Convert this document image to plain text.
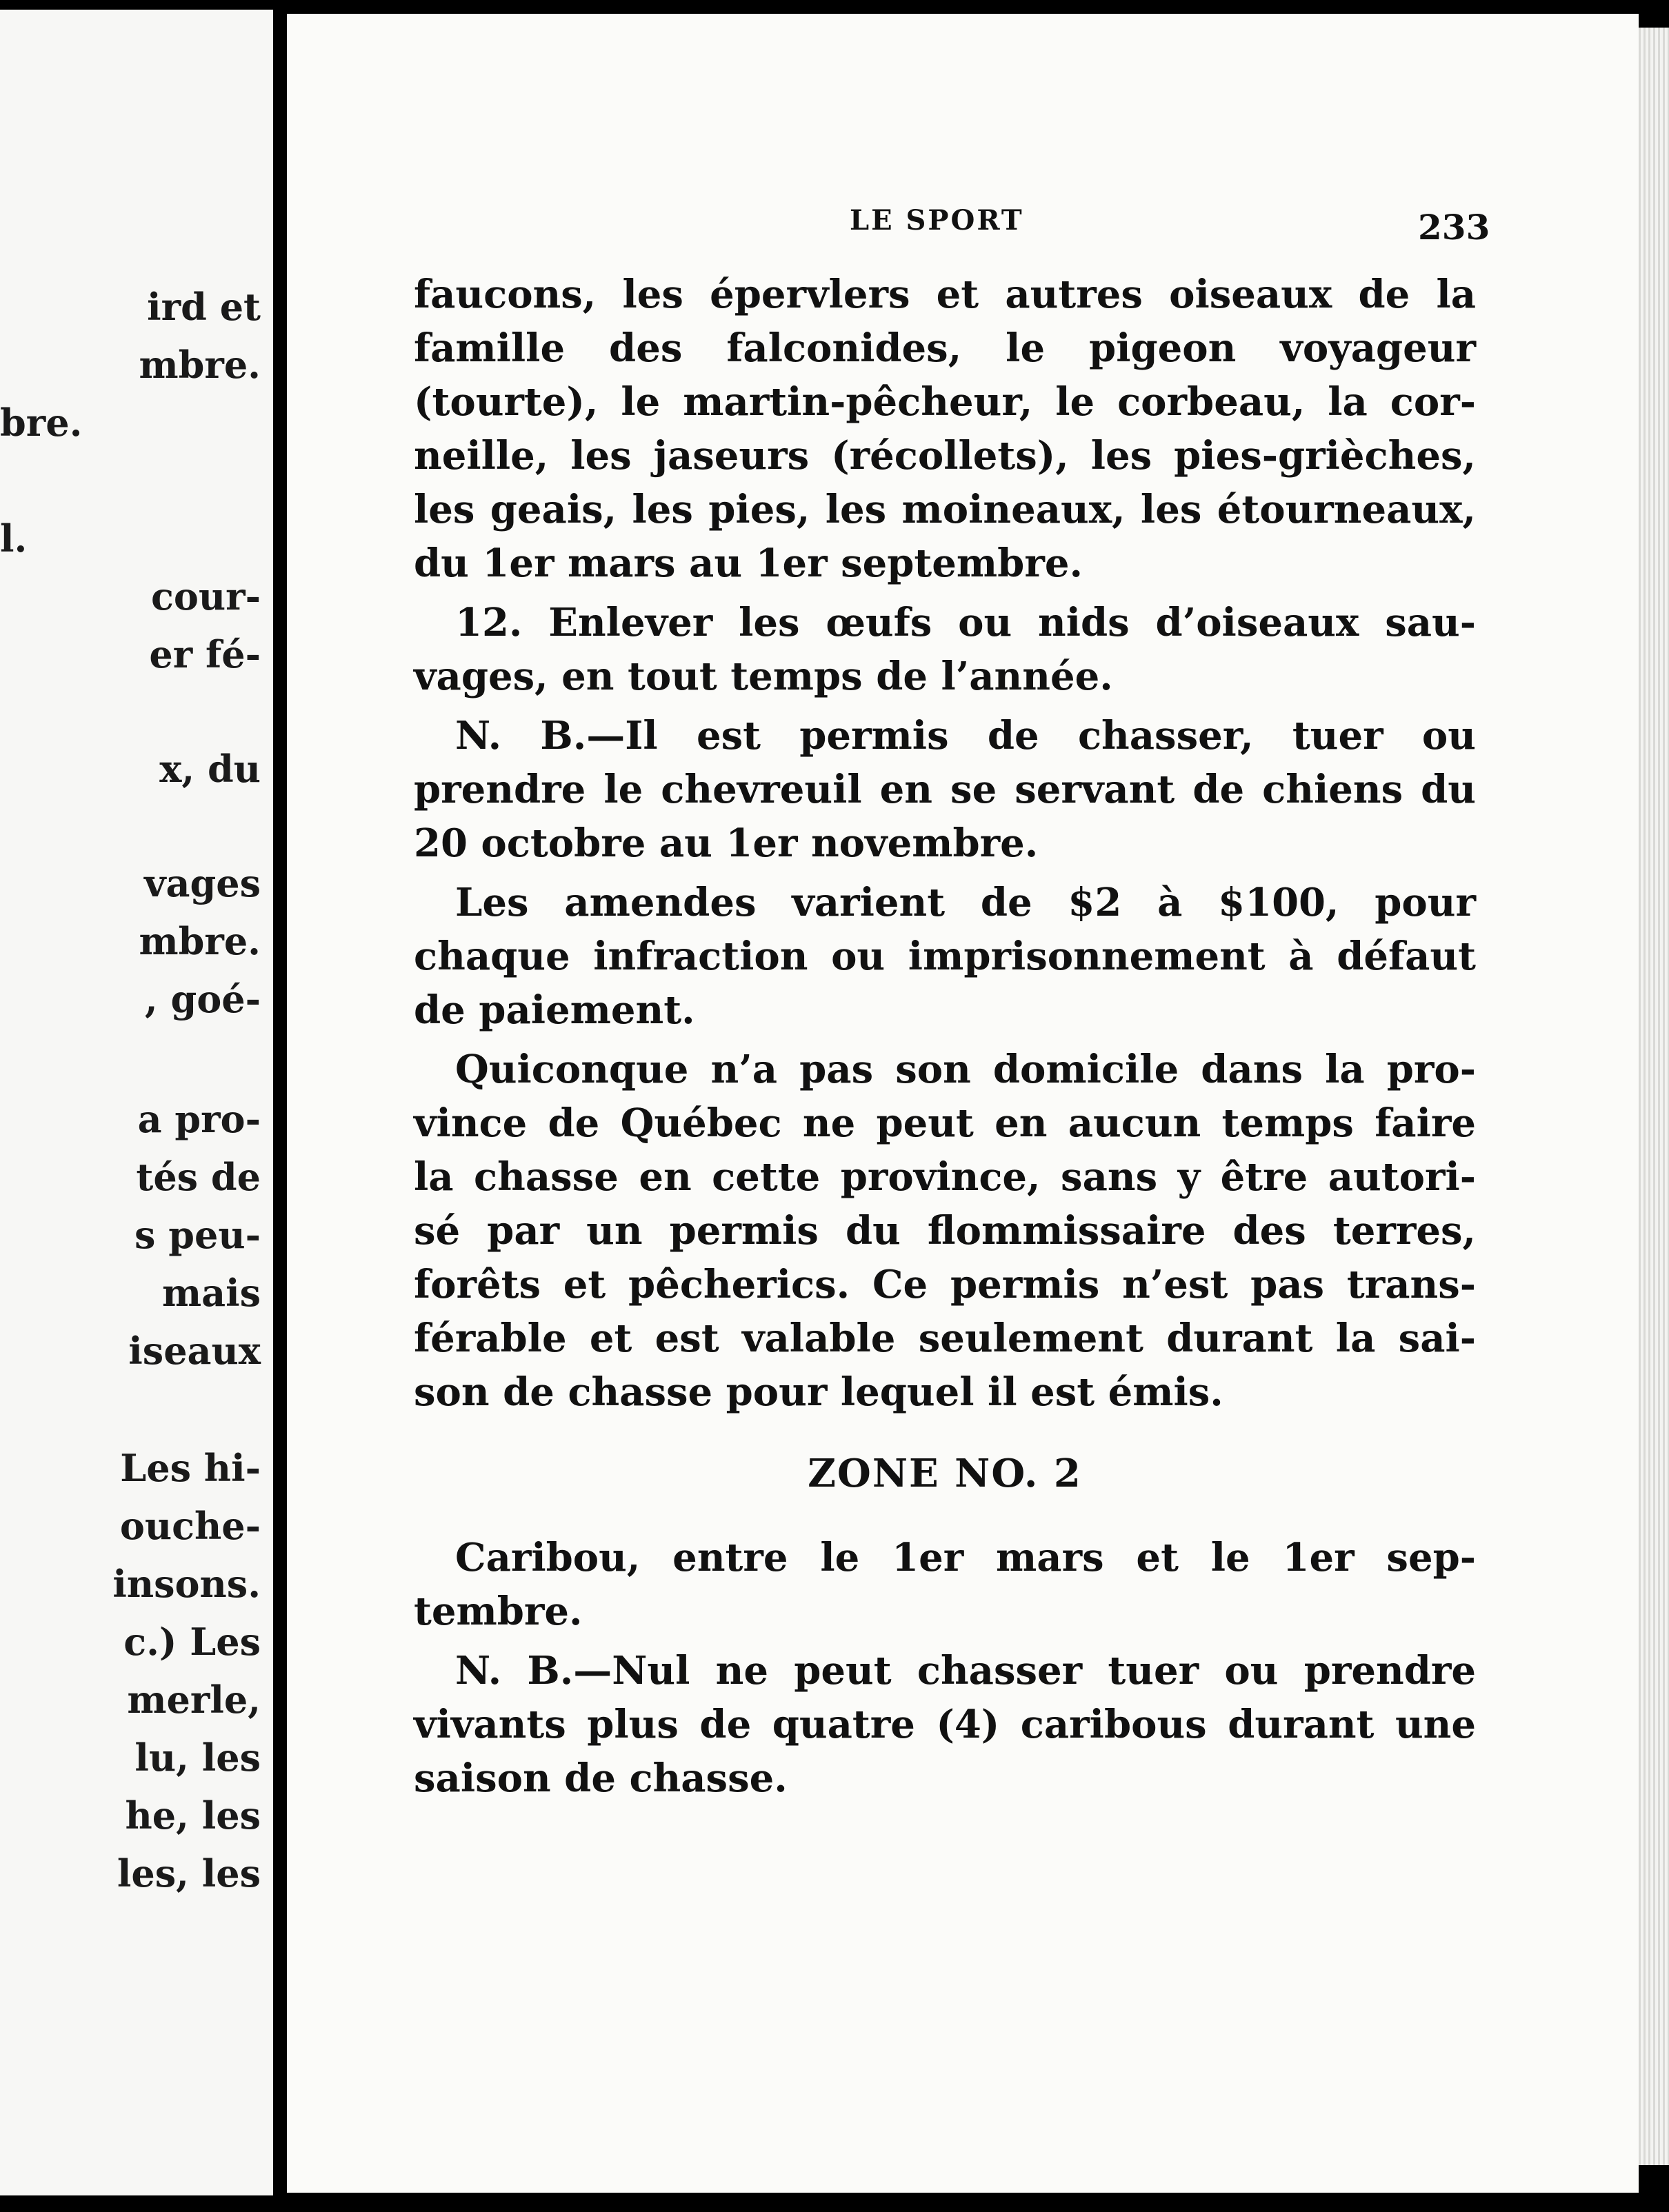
ird et
mbre.
bre.
l.
cour-
er fé-
x, du
vages
mbre.
, goé-
a pro-
tés de
s peu-
mais
iseaux
Les hi-
ouche-
insons.
c.) Les
merle,
lu, les
he, les
les, les
LE SPORT	233
faucons, les épervlers et autres oiseaux de la
famille des falconides, le pigeon voyageur
(tourte), le martin-pêcheur, le corbeau, la cor-
neille, les jaseurs (récollets), les pies-grièches,
les geais, les pies, les moineaux, les étourneaux,
du 1er mars au 1er septembre.
12. Enlever les œufs ou nids d’oiseaux sau-
vages, en tout temps de l’année.
N. B.—Il est permis de chasser, tuer ou
prendre le chevreuil en se servant de chiens du
20 octobre au 1er novembre.
Les amendes varient de $2 à $100, pour
chaque infraction ou imprisonnement à défaut
de paiement.
Quiconque n’a pas son domicile dans la pro-
vince de Québec ne peut en aucun temps faire
la chasse en cette province, sans y être autori-
sé par un permis du flommissaire des terres,
forêts et pêcherics. Ce permis n’est pas trans-
férable et est valable seulement durant la sai-
son de chasse pour lequel il est émis.
ZONE NO. 2
Caribou, entre le 1er mars et le 1er sep-
tembre.
N. B.—Nul ne peut chasser tuer ou prendre
vivants plus de quatre (4) caribous durant une
saison de chasse.
